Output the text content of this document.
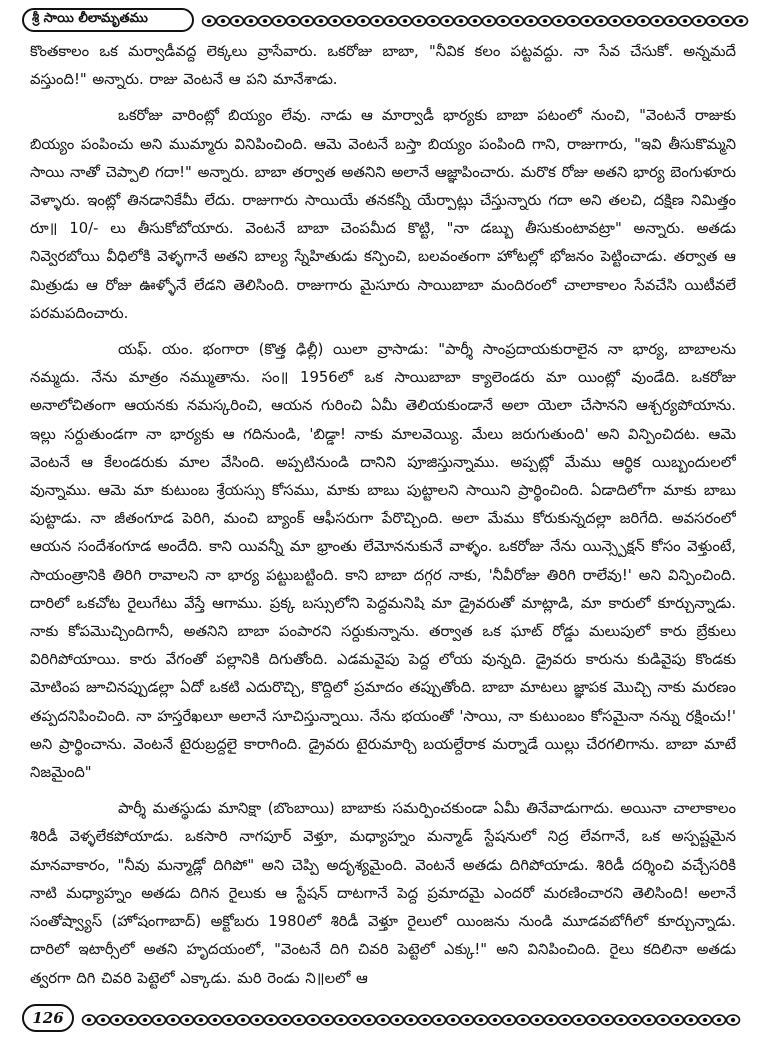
శ్రీ సాయి లీలామృతము

కొంతకాలం ఒక మర్వాడీవద్ద లెక్కలు వ్రాసేవారు. ఒకరోజు బాబా, "నీవిక కలం పట్టవద్దు. నా సేవ చేసుకో. అన్నమదే వస్తుంది!" అన్నారు. రాజు వెంటనే ఆ పని మానేశాడు.

ఒకరోజు వారింట్లో బియ్యం లేవు. నాడు ఆ మార్వాడీ భార్యకు బాబా పటంలో నుంచి, "వెంటనే రాజుకు బియ్యం పంపించు అని ముమ్మారు వినిపించింది. ఆమె వెంటనే బస్తా బియ్యం పంపింది గాని, రాజుగారు, "ఇవి తీసుకొమ్మని సాయి నాతో చెప్పాలి గదా!" అన్నారు. బాబా తర్వాత అతనిని అలానే ఆజ్ఞాపించారు. మరొక రోజు అతని భార్య బెంగుళూరు వెళ్ళారు. ఇంట్లో తినడానికేమీ లేదు. రాజుగారు సాయియే తనకన్నీ యేర్పాట్లు చేస్తున్నారు గదా అని తలచి, దక్షిణ నిమిత్తం రూ॥ 10/- లు తీసుకోబోయారు. వెంటనే బాబా చెంపమీద కొట్టి, "నా డబ్బు తీసుకుంటావట్రా" అన్నారు. అతడు నివ్వెరబోయి వీధిలోకి వెళ్ళగానే అతని బాల్య స్నేహితుడు కన్పించి, బలవంతంగా హోటల్లో భోజనం పెట్టించాడు. తర్వాత ఆ మిత్రుడు ఆ రోజు ఊళ్ళోనే లేడని తెలిసింది. రాజుగారు మైసూరు సాయిబాబా మందిరంలో చాలాకాలం సేవచేసి యిటీవలే పరమపదించారు.

యఫ్. యం. భంగారా (కొత్త ఢిల్లీ) యిలా వ్రాసాడు: "పార్శీ సాంప్రదాయకురాలైన నా భార్య, బాబాలను నమ్మదు. నేను మాత్రం నమ్ముతాను. సం॥ 1956లో ఒక సాయిబాబా క్యాలెండరు మా యింట్లో వుండేది. ఒకరోజు అనాలోచితంగా ఆయనకు నమస్కరించి, ఆయన గురించి ఏమీ తెలియకుండానే అలా యెలా చేసానని ఆశ్చర్యపోయాను. ఇల్లు సర్దుతుండగా నా భార్యకు ఆ గదినుండి, 'బిడ్డా! నాకు మాలవెయ్యి. మేలు జరుగుతుంది' అని విన్పించిదట. ఆమె వెంటనే ఆ కేలండరుకు మాల వేసింది. అప్పటినుండి దానిని పూజిస్తున్నాము. అప్పట్లో మేము ఆర్థిక యిబ్బందులలో వున్నాము. ఆమె మా కుటుంబ శ్రేయస్సు కోసము, మాకు బాబు పుట్టాలని సాయిని ప్రార్థించింది. ఏడాదిలోగా మాకు బాబు పుట్టాడు. నా జీతంగూడ పెరిగి, మంచి బ్యాంక్ ఆఫీసరుగా పేరొచ్చింది. అలా మేము కోరుకున్నదల్లా జరిగేది. అవసరంలో ఆయన సందేశంగూడ అందేది. కాని యివన్నీ మా భ్రాంతు లేమోననుకునే వాళ్ళం. ఒకరోజు నేను యిన్స్పెక్షన్ కోసం వెళ్తుంటే, సాయంత్రానికి తిరిగి రావాలని నా భార్య పట్టుబట్టింది. కాని బాబా దగ్గర నాకు, 'నీవీరోజు తిరిగి రాలేవు!' అని విన్పించింది. దారిలో ఒకచోట రైలుగేటు వేస్తే ఆగాము. ప్రక్క బస్సులోని పెద్దమనిషి మా డ్రైవరుతో మాట్లాడి, మా కారులో కూర్చున్నాడు. నాకు కోపమొచ్చిందిగానీ, అతనిని బాబా పంపారని సర్దుకున్నాను. తర్వాత ఒక ఘాట్ రోడ్డు మలుపులో కారు బ్రేకులు విరిగిపోయాయి. కారు వేగంతో పల్లానికి దిగుతోంది. ఎడమవైపు పెద్ద లోయ వున్నది. డ్రైవరు కారును కుడివైపు కొండకు మోటింప జూచినప్పుడల్లా ఏదో ఒకటి ఎదురొచ్చి, కొద్దిలో ప్రమాదం తప్పుతోంది. బాబా మాటలు జ్ఞాపక మొచ్చి నాకు మరణం తప్పదనిపించింది. నా హస్తరేఖలూ అలానే సూచిస్తున్నాయి. నేను భయంతో 'సాయి, నా కుటుంబం కోసమైనా నన్ను రక్షించు!' అని ప్రార్థించాను. వెంటనే టైరుబ్రద్దలై కారాగింది. డ్రైవరు టైరుమార్చి బయల్దేరాక మర్నాడే యిల్లు చేరగలిగాను. బాబా మాటే నిజమైంది"

పార్శీ మతస్థుడు మానిక్షా (బొంబాయి) బాబాకు సమర్పించకుండా ఏమీ తినేవాడుగాదు. అయినా చాలాకాలం శిరిడీ వెళ్ళలేకపోయాడు. ఒకసారి నాగపూర్ వెళ్తూ, మధ్యాహ్నం మన్మాడ్ స్టేషనులో నిద్ర లేవగానే, ఒక అస్పష్టమైన మానవాకారం, "నీవు మన్మాడ్లో దిగిపో" అని చెప్పి అదృశ్యమైంది. వెంటనే అతడు దిగిపోయాడు. శిరిడీ దర్శించి వచ్చేసరికి నాటి మధ్యాహ్నం అతడు దిగిన రైలుకు ఆ స్టేషన్ దాటగానే పెద్ద ప్రమాదమై ఎందరో మరణించారని తెలిసింది! అలానే సంతోష్వ్యాస్ (హోషంగాబాద్) అక్టోబరు 1980లో శిరిడీ వెళ్తూ రైలులో యింజను నుండి మూడవబోగీలో కూర్చున్నాడు. దారిలో ఇటార్సీలో అతని హృదయంలో, "వెంటనే దిగి చివరి పెట్టెలో ఎక్కు!" అని వినిపించింది. రైలు కదిలినా అతడు త్వరగా దిగి చివరి పెట్టెలో ఎక్కాడు. మరి రెండు ని॥లలో ఆ

126
